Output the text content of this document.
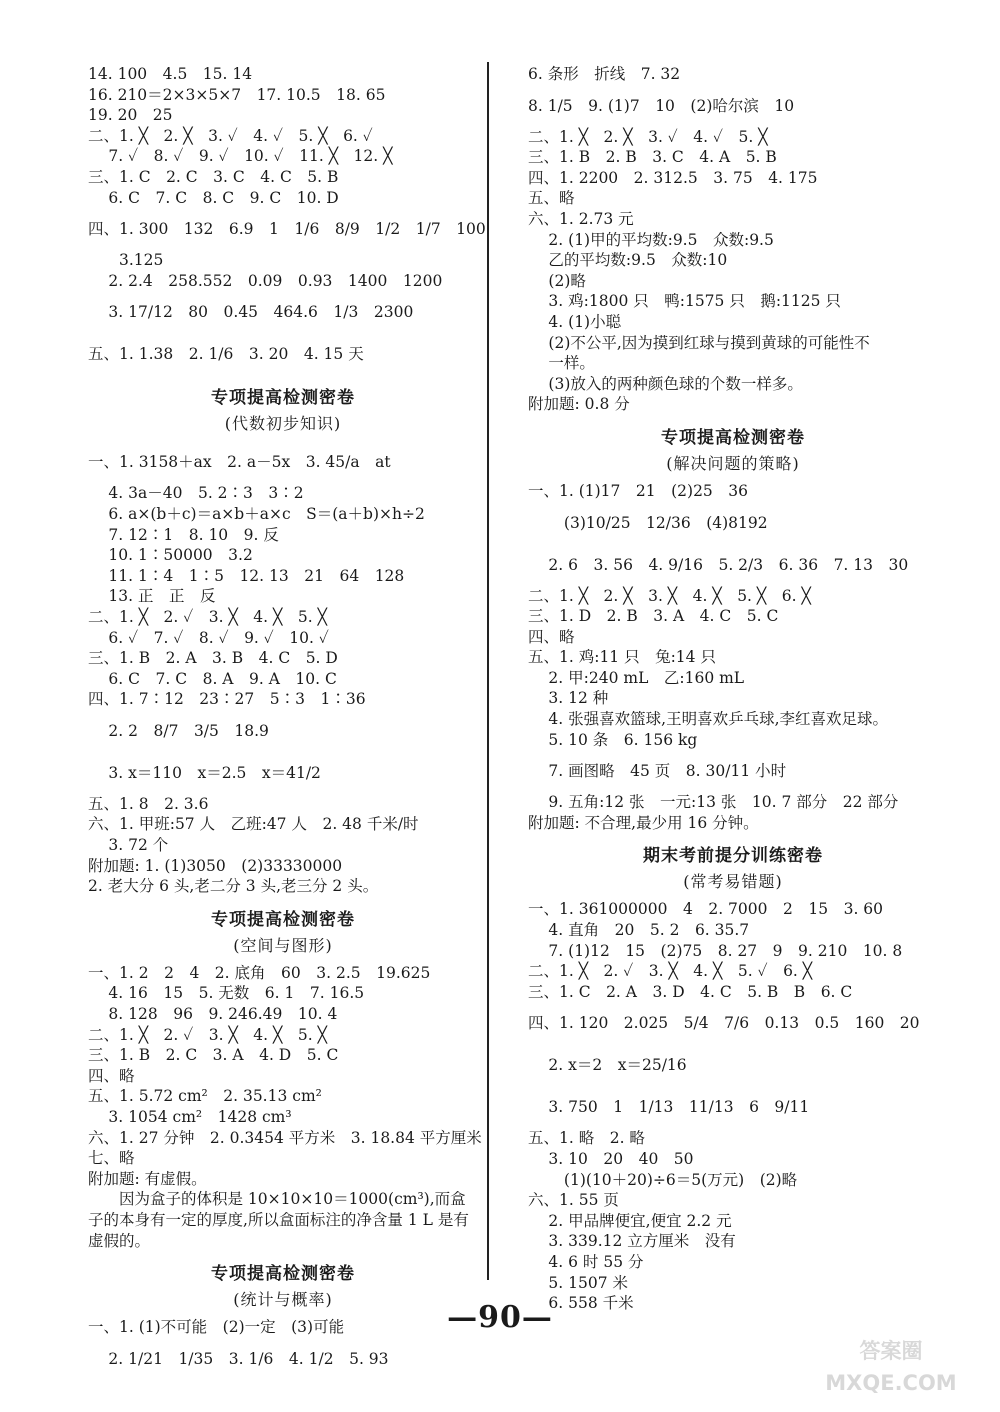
14. 100　4.5　15. 14
16. 210＝2×3×5×7　17. 10.5　18. 65
19. 20　25
二、1. ╳　2. ╳　3. ✓　4. ✓　5. ╳　6. ✓
　 7. ✓　8. ✓　9. ✓　10. ✓　11. ╳　12. ╳
三、1. C　2. C　3. C　4. C　5. B
　 6. C　7. C　8. C　9. C　10. D
四、1. 300　132　6.9　1　1/6　8/9　1/2　1/7　100
　　3.125
　 2. 2.4　258.552　0.09　0.93　1400　1200
　 3. 17/12　80　0.45　464.6　1/3　2300
五、1. 1.38　2. 1/6　3. 20　4. 15 天
专项提高检测密卷
(代数初步知识)
一、1. 3158＋ax　2. a－5x　3. 45/a　at
　 4. 3a－40　5. 2∶3　3∶2
　 6. a×(b＋c)＝a×b＋a×c　S＝(a＋b)×h÷2
　 7. 12∶1　8. 10　9. 反
　 10. 1∶50000　3.2
　 11. 1∶4　1∶5　12. 13　21　64　128
　 13. 正　正　反
二、1. ╳　2. ✓　3. ╳　4. ╳　5. ╳
　 6. ✓　7. ✓　8. ✓　9. ✓　10. ✓
三、1. B　2. A　3. B　4. C　5. D
　 6. C　7. C　8. A　9. A　10. C
四、1. 7∶12　23∶27　5∶3　1∶36
　 2. 2　8/7　3/5　18.9
　 3. x＝110　x＝2.5　x＝41/2
五、1. 8　2. 3.6
六、1. 甲班:57 人　乙班:47 人　2. 48 千米/时
　 3. 72 个
附加题: 1. (1)3050　(2)33330000
2. 老大分 6 头,老二分 3 头,老三分 2 头。
专项提高检测密卷
(空间与图形)
一、1. 2　2　4　2. 底角　60　3. 2.5　19.625
　 4. 16　15　5. 无数　6. 1　7. 16.5
　 8. 128　96　9. 246.49　10. 4
二、1. ╳　2. ✓　3. ╳　4. ╳　5. ╳
三、1. B　2. C　3. A　4. D　5. C
四、略
五、1. 5.72 cm²　2. 35.13 cm²
　 3. 1054 cm²　1428 cm³
六、1. 27 分钟　2. 0.3454 平方米　3. 18.84 平方厘米
七、略
附加题: 有虚假。
　　因为盒子的体积是 10×10×10＝1000(cm³),而盒子的本身有一定的厚度,所以盒面标注的净含量 1 L 是有虚假的。
专项提高检测密卷
(统计与概率)
一、1. (1)不可能　(2)一定　(3)可能
　 2. 1/21　1/35　3. 1/6　4. 1/2　5. 93
6. 条形　折线　7. 32
8. 1/5　9. (1)7　10　(2)哈尔滨　10
二、1. ╳　2. ╳　3. ✓　4. ✓　5. ╳
三、1. B　2. B　3. C　4. A　5. B
四、1. 2200　2. 312.5　3. 75　4. 175
五、略
六、1. 2.73 元
　 2. (1)甲的平均数:9.5　众数:9.5
　 乙的平均数:9.5　众数:10
　 (2)略
　 3. 鸡:1800 只　鸭:1575 只　鹅:1125 只
　 4. (1)小聪
　 (2)不公平,因为摸到红球与摸到黄球的可能性不
　 一样。
　 (3)放入的两种颜色球的个数一样多。
附加题: 0.8 分
专项提高检测密卷
(解决问题的策略)
一、1. (1)17　21　(2)25　36
　　 (3)10/25　12/36　(4)8192
　 2. 6　3. 56　4. 9/16　5. 2/3　6. 36　7. 13　30
二、1. ╳　2. ╳　3. ╳　4. ╳　5. ╳　6. ╳
三、1. D　2. B　3. A　4. C　5. C
四、略
五、1. 鸡:11 只　兔:14 只
　 2. 甲:240 mL　乙:160 mL
　 3. 12 种
　 4. 张强喜欢篮球,王明喜欢乒乓球,李红喜欢足球。
　 5. 10 条　6. 156 kg
　 7. 画图略　45 页　8. 30/11 小时
　 9. 五角:12 张　一元:13 张　10. 7 部分　22 部分
附加题: 不合理,最少用 16 分钟。
期末考前提分训练密卷
(常考易错题)
一、1. 361000000　4　2. 7000　2　15　3. 60
　 4. 直角　20　5. 2　6. 35.7
　 7. (1)12　15　(2)75　8. 27　9　9. 210　10. 8
二、1. ╳　2. ✓　3. ╳　4. ╳　5. ✓　6. ╳
三、1. C　2. A　3. D　4. C　5. B　B　6. C
四、1. 120　2.025　5/4　7/6　0.13　0.5　160　20
　 2. x＝2　x＝25/16
　 3. 750　1　1/13　11/13　6　9/11
五、1. 略　2. 略
　 3. 10　20　40　50
　　 (1)(10＋20)÷6＝5(万元)　(2)略
六、1. 55 页
　 2. 甲品牌便宜,便宜 2.2 元
　 3. 339.12 立方厘米　没有
　 4. 6 时 55 分
　 5. 1507 米
　 6. 558 千米
—90—
答案圈
MXQE.COM
